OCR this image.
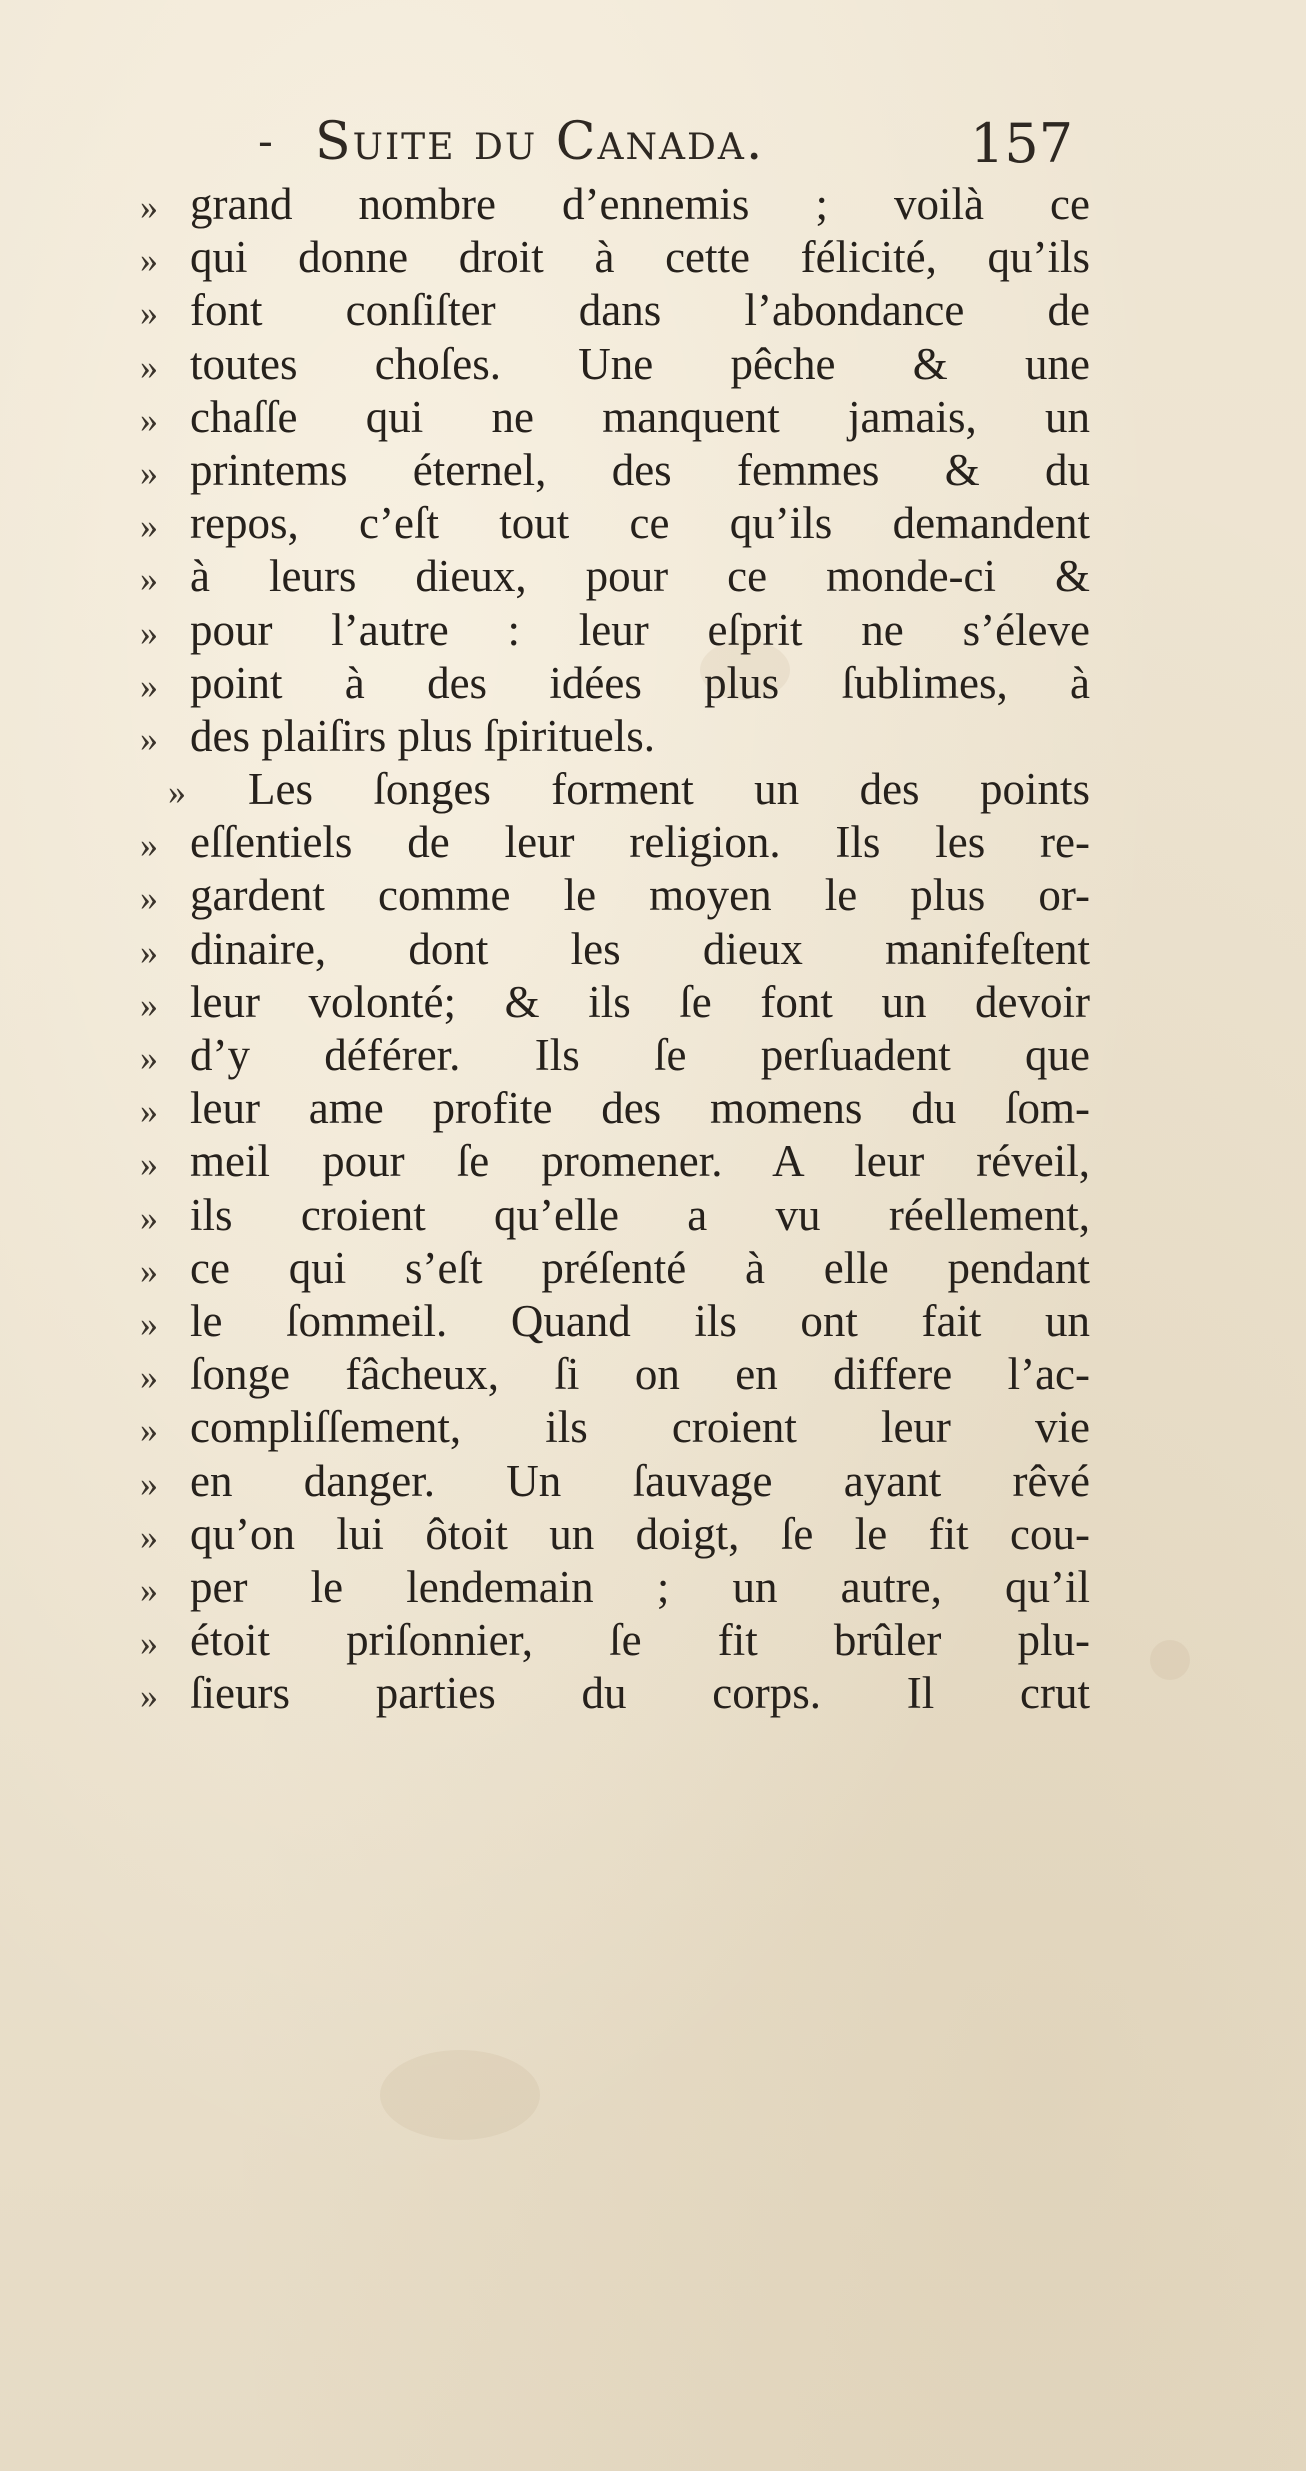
- Suite du Canada.	157
» grand nombre d’ennemis ; voilà ce
» qui donne droit à cette félicité, qu’ils
» font conſiſter dans l’abondance de
» toutes choſes. Une pêche & une
» chaſſe qui ne manquent jamais, un
» printems éternel, des femmes & du
» repos, c’eſt tout ce qu’ils demandent
» à leurs dieux, pour ce monde-ci &
» pour l’autre : leur eſprit ne s’éleve
» point à des idées plus ſublimes, à
» des plaiſirs plus ſpirituels.
»	Les ſonges forment un des points
» eſſentiels de leur religion. Ils les re-
» gardent comme le moyen le plus or-
» dinaire, dont les dieux manifeſtent
» leur volonté; & ils ſe font un devoir
» d’y déférer. Ils ſe perſuadent que
» leur ame profite des momens du ſom-
» meil pour ſe promener. A leur réveil,
» ils croient qu’elle a vu réellement,
» ce qui s’eſt préſenté à elle pendant
» le ſommeil. Quand ils ont fait un
» ſonge fâcheux, ſi on en differe l’ac-
» compliſſement, ils croient leur vie
» en danger. Un ſauvage ayant rêvé
» qu’on lui ôtoit un doigt, ſe le fit cou-
» per le lendemain ; un autre, qu’il
» étoit priſonnier, ſe fit brûler plu-
» ſieurs parties du corps. Il crut
